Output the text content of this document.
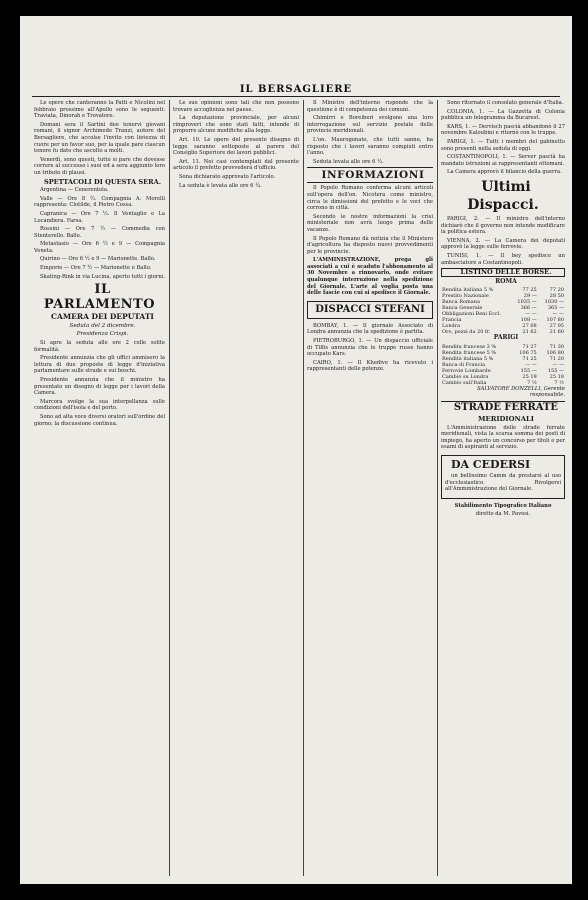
IL BERSAGLIERE

Le opere che canteranno la Patti e Nicolini nel febbraio prossimo all'Apollo sono le seguenti: Traviata, Dinorah e Trovatore.

Domani sera il Sartini dee tenervi giovani romani, il signor Archimede Tranzi, autore del Bersagliere, che accolse l'invito con lietezza di cuore per un favor suo, per la quale pare ciascun tenore fu dato che ascolto a molti.

Venerdì, sono questi, tutto si pare che dovesse correre al successo i suoi ed a sera aggiunto loro un tributo di plausi.

SPETTACOLI DI QUESTA SERA.

Argentina — Cenerentola.

Valle — Ore 8 ½. Compagnia A. Morelli rappresenta: Clotilde, il Pietro Cossa.

Capranica — Ore 7 ½. Il Ventaglio e La Locandiera. Farsa.

Rossini — Ore 7 ½ — Commedia con Stenterello. Ballo.

Metastasio — Ore 6 ½ e 9 — Compagnia Veneta.

Quirino — Ore 6 ½ e 9 — Marionette. Ballo.

Emporio — Ore 7 ½ — Marionette e Ballo.

Skating-Rink in via Lucina, aperto tutti i giorni.

IL PARLAMENTO

CAMERA DEI DEPUTATI

Seduta del 2 dicembre.

Presidenza Crispi.

Si apre la seduta alle ore 2 colle solite formalità.

Presidente annunzia che gli uffici ammisero la lettura di due proposte di legge d'iniziativa parlamentare sulle strade e sui boschi.

Presidente annunzia che il ministro ha presentato un disegno di legge per i lavori della Camera.

Marcora svolge la sua interpellanza sulle condizioni dell'isola e del porto.

Sono ad alta voce diversi oratori sull'ordine del giorno; la discussione continua.

Le sue opinioni sono tali che non possono trovare accoglienza nel paese.

La deputazione provinciale, per alcuni rimproveri che sono stati fatti, intende di proporre alcune modifiche alla legge.

Art. 10. Le opere del presente disegno di legge saranno sottoposte al parere del Consiglio Superiore dei lavori pubblici.

Art. 11. Nei casi contemplati dal presente articolo il prefetto provvederà d'ufficio.

Sona dichiarato approvato l'articolo.

La seduta è levata alle ore 6 ¼.

Il Ministro dell'interno risponde che la questione è di competenza dei comuni.

Chimirri e Boreiberi svolgono una loro interrogazione sul servizio postale delle provincie meridionali.

L'on. Maurogonato, che tutti sanno, ha risposto che i lavori saranno compiuti entro l'anno.

Seduta levata alle ore 6 ½.

INFORMAZIONI

Il Popolo Romano conferma alcuni articoli sull'opera dell'on. Nicotera come ministro, circa le dimissioni del prefetto e le voci che corrono in città.

Secondo le nostre informazioni la crisi ministeriale non avrà luogo prima delle vacanze.

Il Popolo Romano dà notizia che il Ministero d'agricoltura ha disposto nuovi provvedimenti per le provincie.

L'AMMINISTRAZIONE, prega gli associati a cui è scaduto l'abbonamento al 30 Novembre a rinnovarlo, onde evitare qualunque interruzione nella spedizione del Giornale. L'arte al voglia posta una delle fascie con cui si spedisce il Giornale.

DISPACCI STEFANI

BOMBAY, 1. — Il giornale Associato di Londra annunzia che la spedizione è partita.

PIETROBURGO, 1. — Un dispaccio ufficiale di Tiflis annunzia che le truppe russe hanno occupato Kars.

CAIRO, 1. — Il Khedive ha ricevuto i rappresentanti delle potenze.

Sono ritornato il consolato generale d'Italia.

COLONIA, 1. — La Gazzetta di Colonia pubblica un telegramma da Bucarest.

KARS, 1. — Dervisch pascià abbandonò il 27 novembre Kaloubini e ritornò con le truppe.

PARIGI, 1. — Tutti i membri del gabinetto sono presenti nella seduta di oggi.

COSTANTINOPOLI, 1. — Server pascià ha mandato istruzioni ai rappresentanti ottomani.

La Camera approvò il bilancio della guerra.

Ultimi Dispacci.

PARIGI, 2. — Il ministro dell'interno dichiarò che il governo non intende modificare la politica estera.

VIENNA, 2. — La Camera dei deputati approvò la legge sulle ferrovie.

TUNISI, 1. — Il bey spedisce un ambasciatore a Costantinopoli.

LISTINO DELLE BORSE.

ROMA

Rendita italiana 5 %	77 25	77 20
Prestito Nazionale	29 —	28 50
Banca Romana	1035 —	1030 —
Banca Generale	366 —	365 —
Obbligazioni Beni Eccl.	— —	— —
Francia	108 —	107 80
Londra	27 08	27 05
Oro, pezzi da 20 fr.	21 62	21 60

PARIGI

Rendita francese 3 %	71 27	71 30
Rendita francese 5 %	106 75	106 80
Rendita italiana 5 %	71 25	71 20
Banca di Francia	— —	— —
Ferrovie Lombarde	155 —	155 —
Cambio su Londra	25 19	25 18
Cambio sull'Italia	7 ½	7 ½

SALVATORE DONZELLI, Gerente responsabile.

STRADE FERRATE

MERIDIONALI

L'Amministrazione delle strade ferrate meridionali, vista la scarsa somma dei posti di impiego, ha aperto un concorso per titoli e per esami di aspiranti al servizio.

DA CEDERSI

un bellissimo Camm da prestarsi al uso d'ecclesiastico. Rivolgersi all'Amministrazione del Giornale.

Stabilimento Tipografico Italiano

diretto da M. Pavesi.
